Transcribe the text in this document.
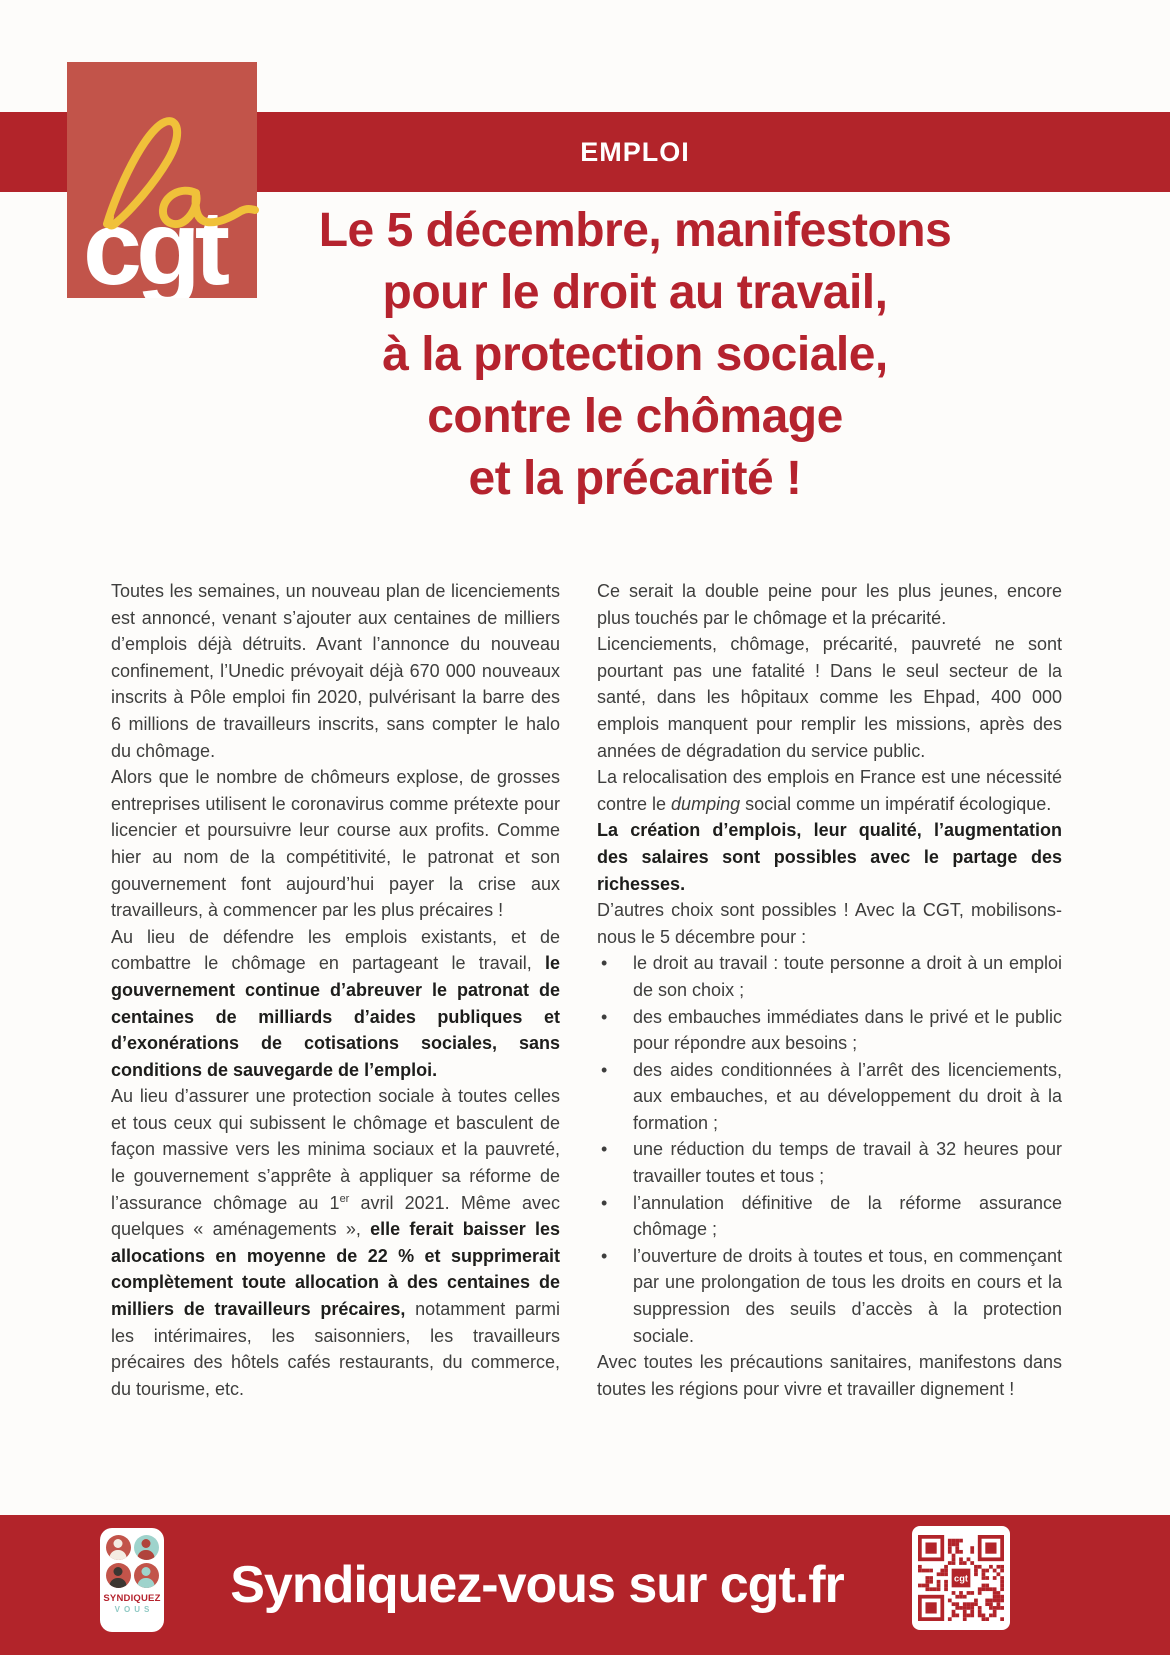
EMPLOI
cgt	Le 5 décembre, manifestons
pour le droit au travail,
à la protection sociale,
contre le chômage
et la précarité !

Toutes les semaines, un nouveau plan de licenciements est annoncé, venant s’ajouter aux centaines de milliers d’emplois déjà détruits. Avant l’annonce du nouveau confinement, l’Unedic prévoyait déjà 670 000 nouveaux inscrits à Pôle emploi fin 2020, pulvérisant la barre des 6 millions de travailleurs inscrits, sans compter le halo du chômage.

Alors que le nombre de chômeurs explose, de grosses entreprises utilisent le coronavirus comme prétexte pour licencier et poursuivre leur course aux profits. Comme hier au nom de la compétitivité, le patronat et son gouvernement font aujourd’hui payer la crise aux travailleurs, à commencer par les plus précaires !

Au lieu de défendre les emplois existants, et de combattre le chômage en partageant le travail, le gouvernement continue d’abreuver le patronat de centaines de milliards d’aides publiques et d’exonérations de cotisations sociales, sans conditions de sauvegarde de l’emploi.

Au lieu d’assurer une protection sociale à toutes celles et tous ceux qui subissent le chômage et basculent de façon massive vers les minima sociaux et la pauvreté, le gouvernement s’apprête à appliquer sa réforme de l’assurance chômage au 1er avril 2021. Même avec quelques « aménagements », elle ferait baisser les allocations en moyenne de 22 % et supprimerait complètement toute allocation à des centaines de milliers de travailleurs précaires, notamment parmi les intérimaires, les saisonniers, les travailleurs précaires des hôtels cafés restaurants, du commerce, du tourisme, etc.

Ce serait la double peine pour les plus jeunes, encore plus touchés par le chômage et la précarité.

Licenciements, chômage, précarité, pauvreté ne sont pourtant pas une fatalité ! Dans le seul secteur de la santé, dans les hôpitaux comme les Ehpad, 400 000 emplois manquent pour remplir les missions, après des années de dégradation du service public.

La relocalisation des emplois en France est une nécessité contre le dumping social comme un impératif écologique.

La création d’emplois, leur qualité, l’augmentation des salaires sont possibles avec le partage des richesses.

D’autres choix sont possibles ! Avec la CGT, mobilisons-nous le 5 décembre pour :

• le droit au travail : toute personne a droit à un emploi de son choix ;
• des embauches immédiates dans le privé et le public pour répondre aux besoins ;
• des aides conditionnées à l’arrêt des licenciements, aux embauches, et au développement du droit à la formation ;
• une réduction du temps de travail à 32 heures pour travailler toutes et tous ;
• l’annulation définitive de la réforme assurance chômage ;
• l’ouverture de droits à toutes et tous, en commençant par une prolongation de tous les droits en cours et la suppression des seuils d’accès à la protection sociale.

Avec toutes les précautions sanitaires, manifestons dans toutes les régions pour vivre et travailler dignement !

Syndiquez-vous sur cgt.fr
SYNDIQUEZ
VOUS
cgt
